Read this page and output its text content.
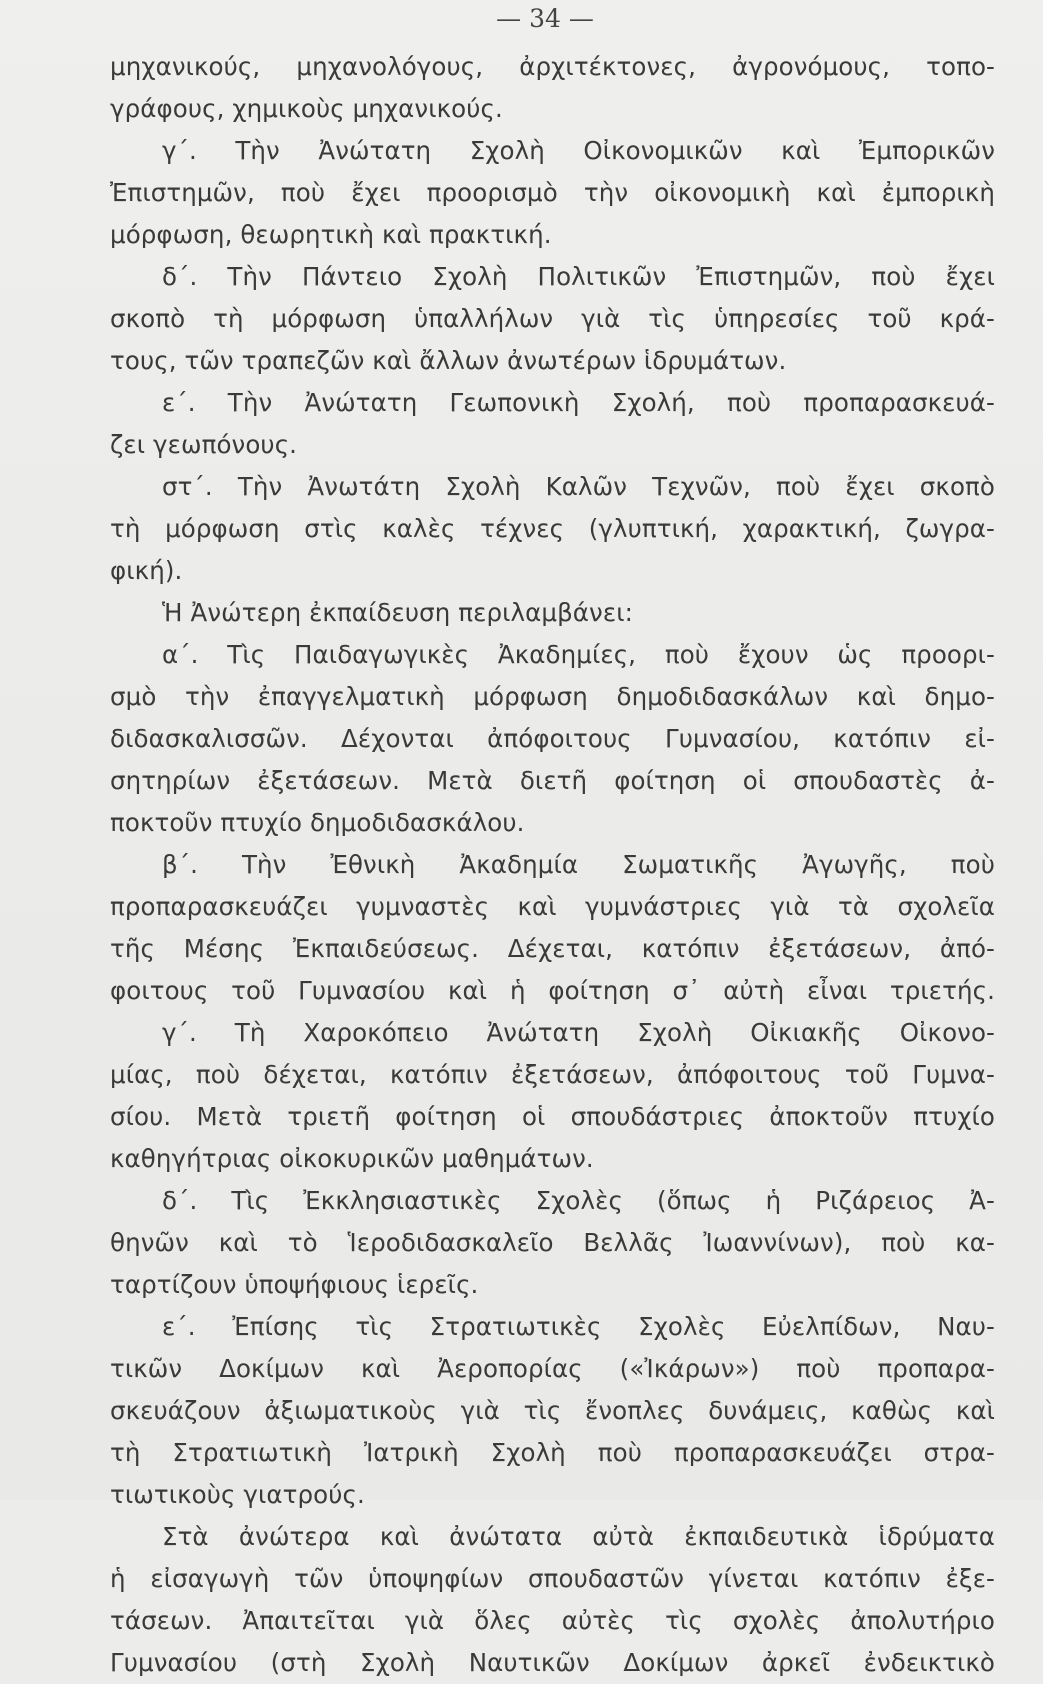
— 34 —
μηχανικούς, μηχανολόγους, ἀρχιτέκτονες, ἀγρονόμους, τοπο-
γράφους, χημικοὺς μηχανικούς.
γ΄. Τὴν Ἀνώτατη Σχολὴ Οἰκονομικῶν καὶ Ἐμπορικῶν
Ἐπιστημῶν, ποὺ ἔχει προορισμὸ τὴν οἰκονομικὴ καὶ ἐμπορικὴ
μόρφωση, θεωρητικὴ καὶ πρακτική.
δ΄. Τὴν Πάντειο Σχολὴ Πολιτικῶν Ἐπιστημῶν, ποὺ ἔχει
σκοπὸ τὴ μόρφωση ὑπαλλήλων γιὰ τὶς ὑπηρεσίες τοῦ κρά-
τους, τῶν τραπεζῶν καὶ ἄλλων ἀνωτέρων ἱδρυμάτων.
ε΄. Τὴν Ἀνώτατη Γεωπονικὴ Σχολή, ποὺ προπαρασκευά-
ζει γεωπόνους.
στ΄. Τὴν Ἀνωτάτη Σχολὴ Καλῶν Τεχνῶν, ποὺ ἔχει σκοπὸ
τὴ μόρφωση στὶς καλὲς τέχνες (γλυπτική, χαρακτική, ζωγρα-
φική).
Ἡ Ἀνώτερη ἐκπαίδευση περιλαμβάνει:
α΄. Τὶς Παιδαγωγικὲς Ἀκαδημίες, ποὺ ἔχουν ὡς προορι-
σμὸ τὴν ἐπαγγελματικὴ μόρφωση δημοδιδασκάλων καὶ δημο-
διδασκαλισσῶν. Δέχονται ἀπόφοιτους Γυμνασίου, κατόπιν εἰ-
σητηρίων ἐξετάσεων. Μετὰ διετῆ φοίτηση οἱ σπουδαστὲς ἀ-
ποκτοῦν πτυχίο δημοδιδασκάλου.
β΄. Τὴν Ἐθνικὴ Ἀκαδημία Σωματικῆς Ἀγωγῆς, ποὺ
προπαρασκευάζει γυμναστὲς καὶ γυμνάστριες γιὰ τὰ σχολεῖα
τῆς Μέσης Ἐκπαιδεύσεως. Δέχεται, κατόπιν ἐξετάσεων, ἀπό-
φοιτους τοῦ Γυμνασίου καὶ ἡ φοίτηση σ᾿ αὐτὴ εἶναι τριετής.
γ΄. Τὴ Χαροκόπειο Ἀνώτατη Σχολὴ Οἰκιακῆς Οἰκονο-
μίας, ποὺ δέχεται, κατόπιν ἐξετάσεων, ἀπόφοιτους τοῦ Γυμνα-
σίου. Μετὰ τριετῆ φοίτηση οἱ σπουδάστριες ἀποκτοῦν πτυχίο
καθηγήτριας οἰκοκυρικῶν μαθημάτων.
δ΄. Τὶς Ἐκκλησιαστικὲς Σχολὲς (ὅπως ἡ Ριζάρειος Ἀ-
θηνῶν καὶ τὸ Ἱεροδιδασκαλεῖο Βελλᾶς Ἰωαννίνων), ποὺ κα-
ταρτίζουν ὑποψήφιους ἱερεῖς.
ε΄. Ἐπίσης τὶς Στρατιωτικὲς Σχολὲς Εὐελπίδων, Ναυ-
τικῶν Δοκίμων καὶ Ἀεροπορίας («Ἰκάρων») ποὺ προπαρα-
σκευάζουν ἀξιωματικοὺς γιὰ τὶς ἔνοπλες δυνάμεις, καθὼς καὶ
τὴ Στρατιωτικὴ Ἰατρικὴ Σχολὴ ποὺ προπαρασκευάζει στρα-
τιωτικοὺς γιατρούς.
Στὰ ἀνώτερα καὶ ἀνώτατα αὐτὰ ἐκπαιδευτικὰ ἱδρύματα
ἡ εἰσαγωγὴ τῶν ὑποψηφίων σπουδαστῶν γίνεται κατόπιν ἐξε-
τάσεων. Ἀπαιτεῖται γιὰ ὅλες αὐτὲς τὶς σχολὲς ἀπολυτήριο
Γυμνασίου (στὴ Σχολὴ Ναυτικῶν Δοκίμων ἀρκεῖ ἐνδεικτικὸ
